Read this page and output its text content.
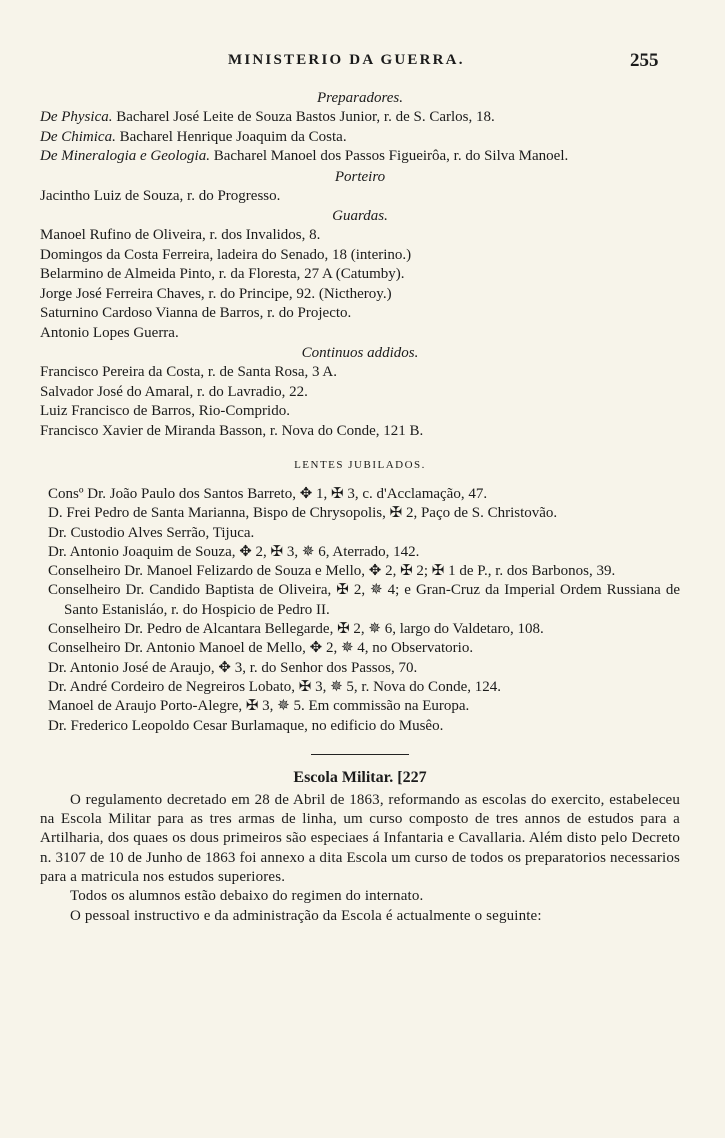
MINISTERIO DA GUERRA.	255

Preparadores.

De Physica. Bacharel José Leite de Souza Bastos Junior, r. de S. Carlos, 18.

De Chimica. Bacharel Henrique Joaquim da Costa.

De Mineralogia e Geologia. Bacharel Manoel dos Passos Figueirôa, r. do Silva Manoel.

Porteiro

Jacintho Luiz de Souza, r. do Progresso.

Guardas.

Manoel Rufino de Oliveira, r. dos Invalidos, 8.

Domingos da Costa Ferreira, ladeira do Senado, 18 (interino.)

Belarmino de Almeida Pinto, r. da Floresta, 27 A (Catumby).

Jorge José Ferreira Chaves, r. do Principe, 92. (Nictheroy.)

Saturnino Cardoso Vianna de Barros, r. do Projecto.

Antonio Lopes Guerra.

Continuos addidos.

Francisco Pereira da Costa, r. de Santa Rosa, 3 A.

Salvador José do Amaral, r. do Lavradio, 22.

Luiz Francisco de Barros, Rio-Comprido.

Francisco Xavier de Miranda Basson, r. Nova do Conde, 121 B.

LENTES JUBILADOS.

Consº Dr. João Paulo dos Santos Barreto, ✥ 1, ✠ 3, c. d'Acclamação, 47.

D. Frei Pedro de Santa Marianna, Bispo de Chrysopolis, ✠ 2, Paço de S. Christovão.

Dr. Custodio Alves Serrão, Tijuca.

Dr. Antonio Joaquim de Souza, ✥ 2, ✠ 3, ✵ 6, Aterrado, 142.

Conselheiro Dr. Manoel Felizardo de Souza e Mello, ✥ 2, ✠ 2; ✠ 1 de P., r. dos Barbonos, 39.

Conselheiro Dr. Candido Baptista de Oliveira, ✠ 2, ✵ 4; e Gran-Cruz da Imperial Ordem Russiana de Santo Estanisláo, r. do Hospicio de Pedro II.

Conselheiro Dr. Pedro de Alcantara Bellegarde, ✠ 2, ✵ 6, largo do Valdetaro, 108.

Conselheiro Dr. Antonio Manoel de Mello, ✥ 2, ✵ 4, no Observatorio.

Dr. Antonio José de Araujo, ✥ 3, r. do Senhor dos Passos, 70.

Dr. André Cordeiro de Negreiros Lobato, ✠ 3, ✵ 5, r. Nova do Conde, 124.

Manoel de Araujo Porto-Alegre, ✠ 3, ✵ 5. Em commissão na Europa.

Dr. Frederico Leopoldo Cesar Burlamaque, no edificio do Musêo.

Escola Militar. [227

O regulamento decretado em 28 de Abril de 1863, reformando as escolas do exercito, estabeleceu na Escola Militar para as tres armas de linha, um curso composto de tres annos de estudos para a Artilharia, dos quaes os dous primeiros são especiaes á Infantaria e Cavallaria. Além disto pelo Decreto n. 3107 de 10 de Junho de 1863 foi annexo a dita Escola um curso de todos os preparatorios necessarios para a matricula nos estudos superiores.

Todos os alumnos estão debaixo do regimen do internato.

O pessoal instructivo e da administração da Escola é actualmente o seguinte:
